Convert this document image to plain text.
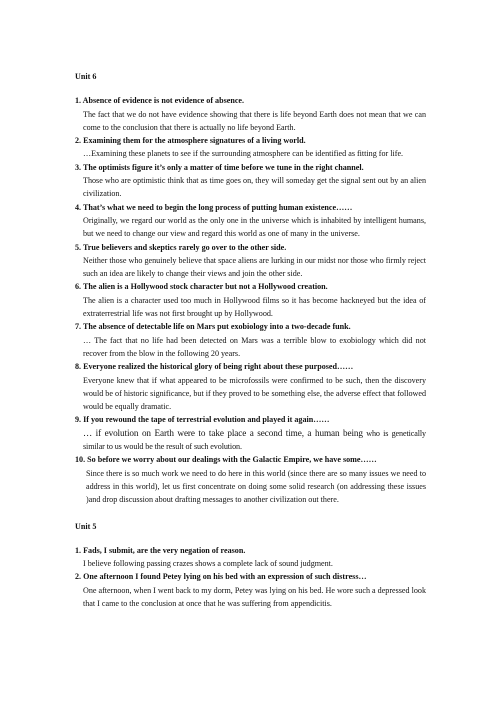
Unit 6
1. Absence of evidence is not evidence of absence.
The fact that we do not have evidence showing that there is life beyond Earth does not mean that we can come to the conclusion that there is actually no life beyond Earth.
2. Examining them for the atmosphere signatures of a living world.
…Examining these planets to see if the surrounding atmosphere can be identified as fitting for life.
3. The optimists figure it’s only a matter of time before we tune in the right channel.
Those who are optimistic think that as time goes on, they will someday get the signal sent out by an alien civilization.
4. That’s what we need to begin the long process of putting human existence……
Originally, we regard our world as the only one in the universe which is inhabited by intelligent humans, but we need to change our view and regard this world as one of many in the universe.
5. True believers and skeptics rarely go over to the other side.
Neither those who genuinely believe that space aliens are lurking in our midst nor those who firmly reject such an idea are likely to change their views and join the other side.
6. The alien is a Hollywood stock character but not a Hollywood creation.
The alien is a character used too much in Hollywood films so it has become hackneyed but the idea of extraterrestrial life was not first brought up by Hollywood.
7. The absence of detectable life on Mars put exobiology into a two-decade funk.
… The fact that no life had been detected on Mars was a terrible blow to exobiology which did not recover from the blow in the following 20 years.
8. Everyone realized the historical glory of being right about these purposed……
Everyone knew that if what appeared to be microfossils were confirmed to be such, then the discovery would be of historic significance, but if they proved to be something else, the adverse effect that followed would be equally dramatic.
9. If you rewound the tape of terrestrial evolution and played it again……
… if evolution on Earth were to take place a second time, a human being who is genetically similar to us would be the result of such evolution.
10. So before we worry about our dealings with the Galactic Empire, we have some……
Since there is so much work we need to do here in this world (since there are so many issues we need to address in this world), let us first concentrate on doing some solid research (on addressing these issues )and drop discussion about drafting messages to another civilization out there.
Unit 5
1. Fads, I submit, are the very negation of reason.
I believe following passing crazes shows a complete lack of sound judgment.
2. One afternoon I found Petey lying on his bed with an expression of such distress…
One afternoon, when I went back to my dorm, Petey was lying on his bed. He wore such a depressed look that I came to the conclusion at once that he was suffering from appendicitis.
